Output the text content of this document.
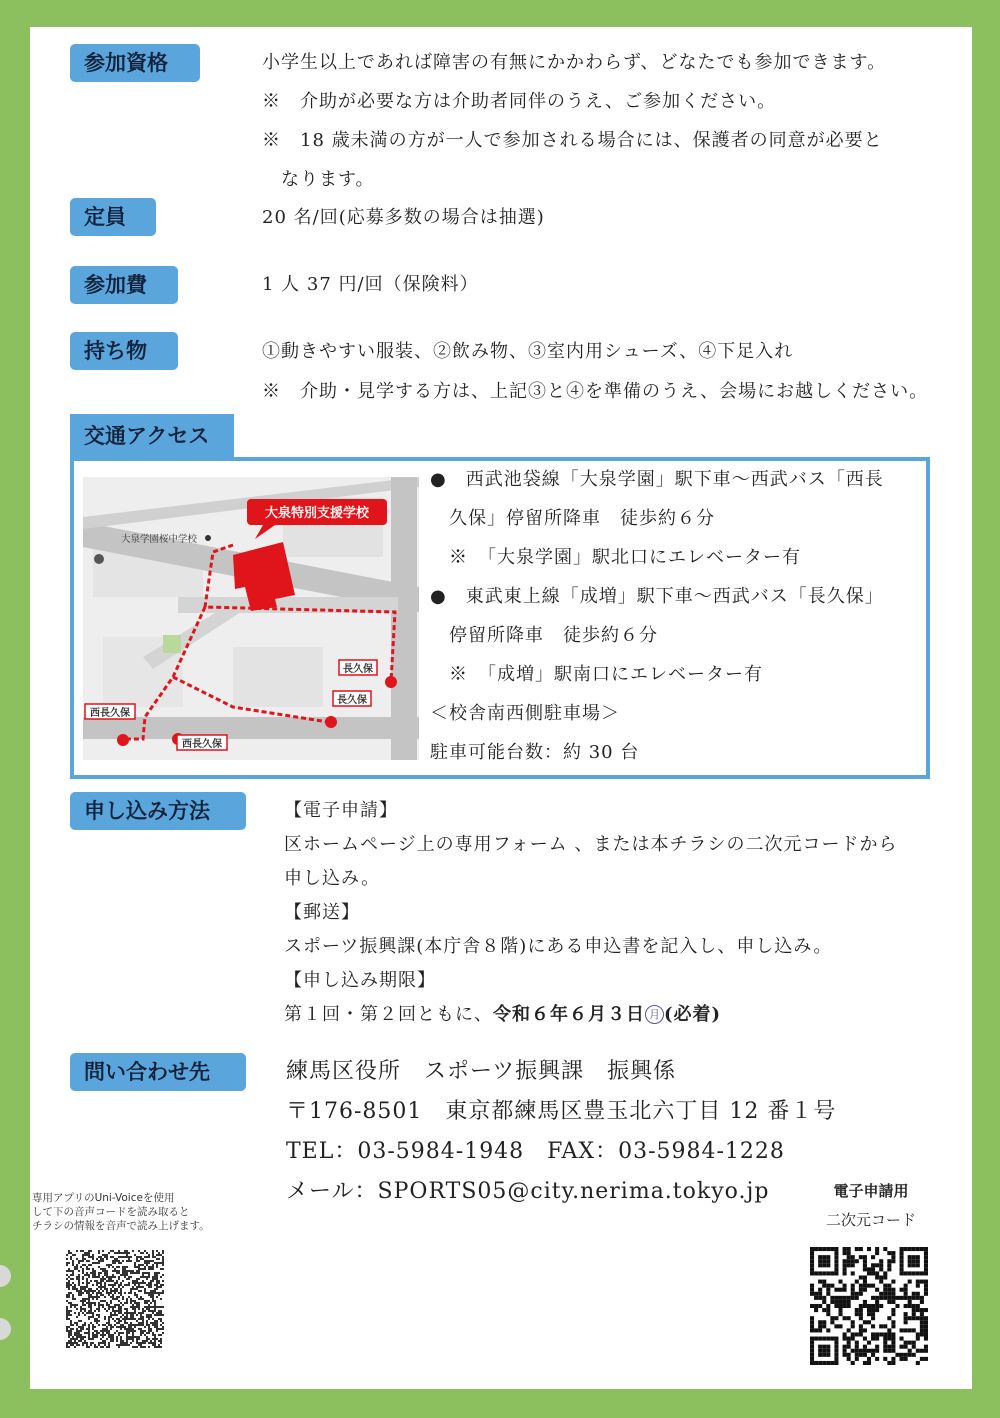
参加資格	小学生以上であれば障害の有無にかかわらず、どなたでも参加できます。
※　介助が必要な方は介助者同伴のうえ、ご参加ください。
※　18 歳未満の方が一人で参加される場合には、保護者の同意が必要と
　なります。
定員	20 名/回(応募多数の場合は抽選)
参加費	1 人 37 円/回（保険料）
持ち物	①動きやすい服装、②飲み物、③室内用シューズ、④下足入れ
※　介助・見学する方は、上記③と④を準備のうえ、会場にお越しください。
交通アクセス
大泉特別支援学校
大泉学園桜中学校
長久保
長久保
西長久保
西長久保
●　西武池袋線「大泉学園」駅下車～西武バス「西長
　久保」停留所降車　徒歩約６分
　※　「大泉学園」駅北口にエレベーター有
●　東武東上線「成増」駅下車～西武バス「長久保」
　停留所降車　徒歩約６分
　※　「成増」駅南口にエレベーター有
＜校舎南西側駐車場＞
駐車可能台数：約 30 台
申し込み方法	【電子申請】
区ホームページ上の専用フォーム 、または本チラシの二次元コードから
申し込み。
【郵送】
スポーツ振興課(本庁舎８階)にある申込書を記入し、申し込み。
【申し込み期限】
第１回・第２回ともに、令和６年６月３日 月 (必着)
問い合わせ先	練馬区役所　スポーツ振興課　振興係
〒176-8501　東京都練馬区豊玉北六丁目 12 番１号
TEL：03-5984-1948　FAX：03-5984-1228
メール：SPORTS05@city.nerima.tokyo.jp
専用アプリのUni-Voiceを使用
して下の音声コードを読み取ると
チラシの情報を音声で読み上げます。
電子申請用
二次元コード
